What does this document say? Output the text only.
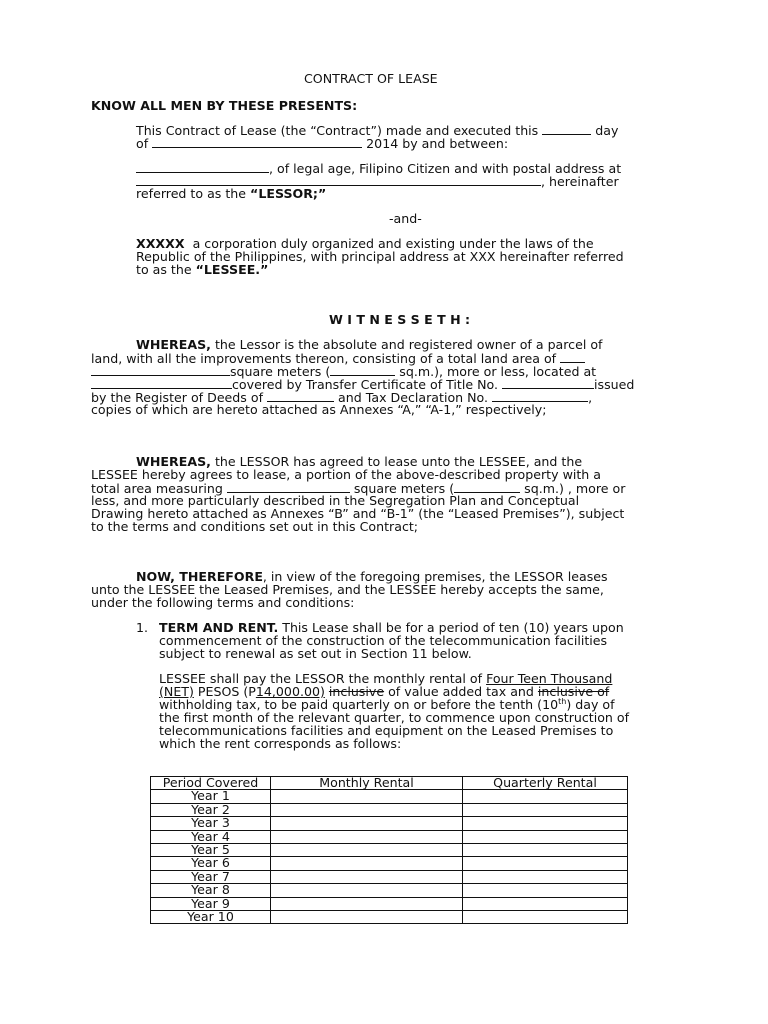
CONTRACT OF LEASE
KNOW ALL MEN BY THESE PRESENTS:
This Contract of Lease (the “Contract”) made and executed this	day
of	2014 by and between:
, of legal age, Filipino Citizen and with postal address at
, hereinafter
referred to as the “LESSOR;”
-and-
XXXXX a corporation duly organized and existing under the laws of the
Republic of the Philippines, with principal address at XXX hereinafter referred
to as the “LESSEE.”
W I T N E S S E T H :
WHEREAS, the Lessor is the absolute and registered owner of a parcel of
land, with all the improvements thereon, consisting of a total land area of
square meters (	sq.m.), more or less, located at
covered by Transfer Certificate of Title No.	issued
by the Register of Deeds of	and Tax Declaration No.	,
copies of which are hereto attached as Annexes “A,” “A-1,” respectively;
WHEREAS, the LESSOR has agreed to lease unto the LESSEE, and the
LESSEE hereby agrees to lease, a portion of the above-described property with a
total area measuring	square meters (	sq.m.) , more or
less, and more particularly described in the Segregation Plan and Conceptual
Drawing hereto attached as Annexes “B” and “B-1” (the “Leased Premises”), subject
to the terms and conditions set out in this Contract;
NOW, THEREFORE, in view of the foregoing premises, the LESSOR leases
unto the LESSEE the Leased Premises, and the LESSEE hereby accepts the same,
under the following terms and conditions:
1. TERM AND RENT. This Lease shall be for a period of ten (10) years upon
commencement of the construction of the telecommunication facilities
subject to renewal as set out in Section 11 below.
LESSEE shall pay the LESSOR the monthly rental of Four Teen Thousand
(NET) PESOS (P14,000.00) inclusive of value added tax and inclusive of
withholding tax, to be paid quarterly on or before the tenth (10th) day of
the first month of the relevant quarter, to commence upon construction of
telecommunications facilities and equipment on the Leased Premises to
which the rent corresponds as follows:
Period Covered	Monthly Rental	Quarterly Rental
Year 1		
Year 2		
Year 3		
Year 4		
Year 5		
Year 6		
Year 7		
Year 8		
Year 9		
Year 10		
